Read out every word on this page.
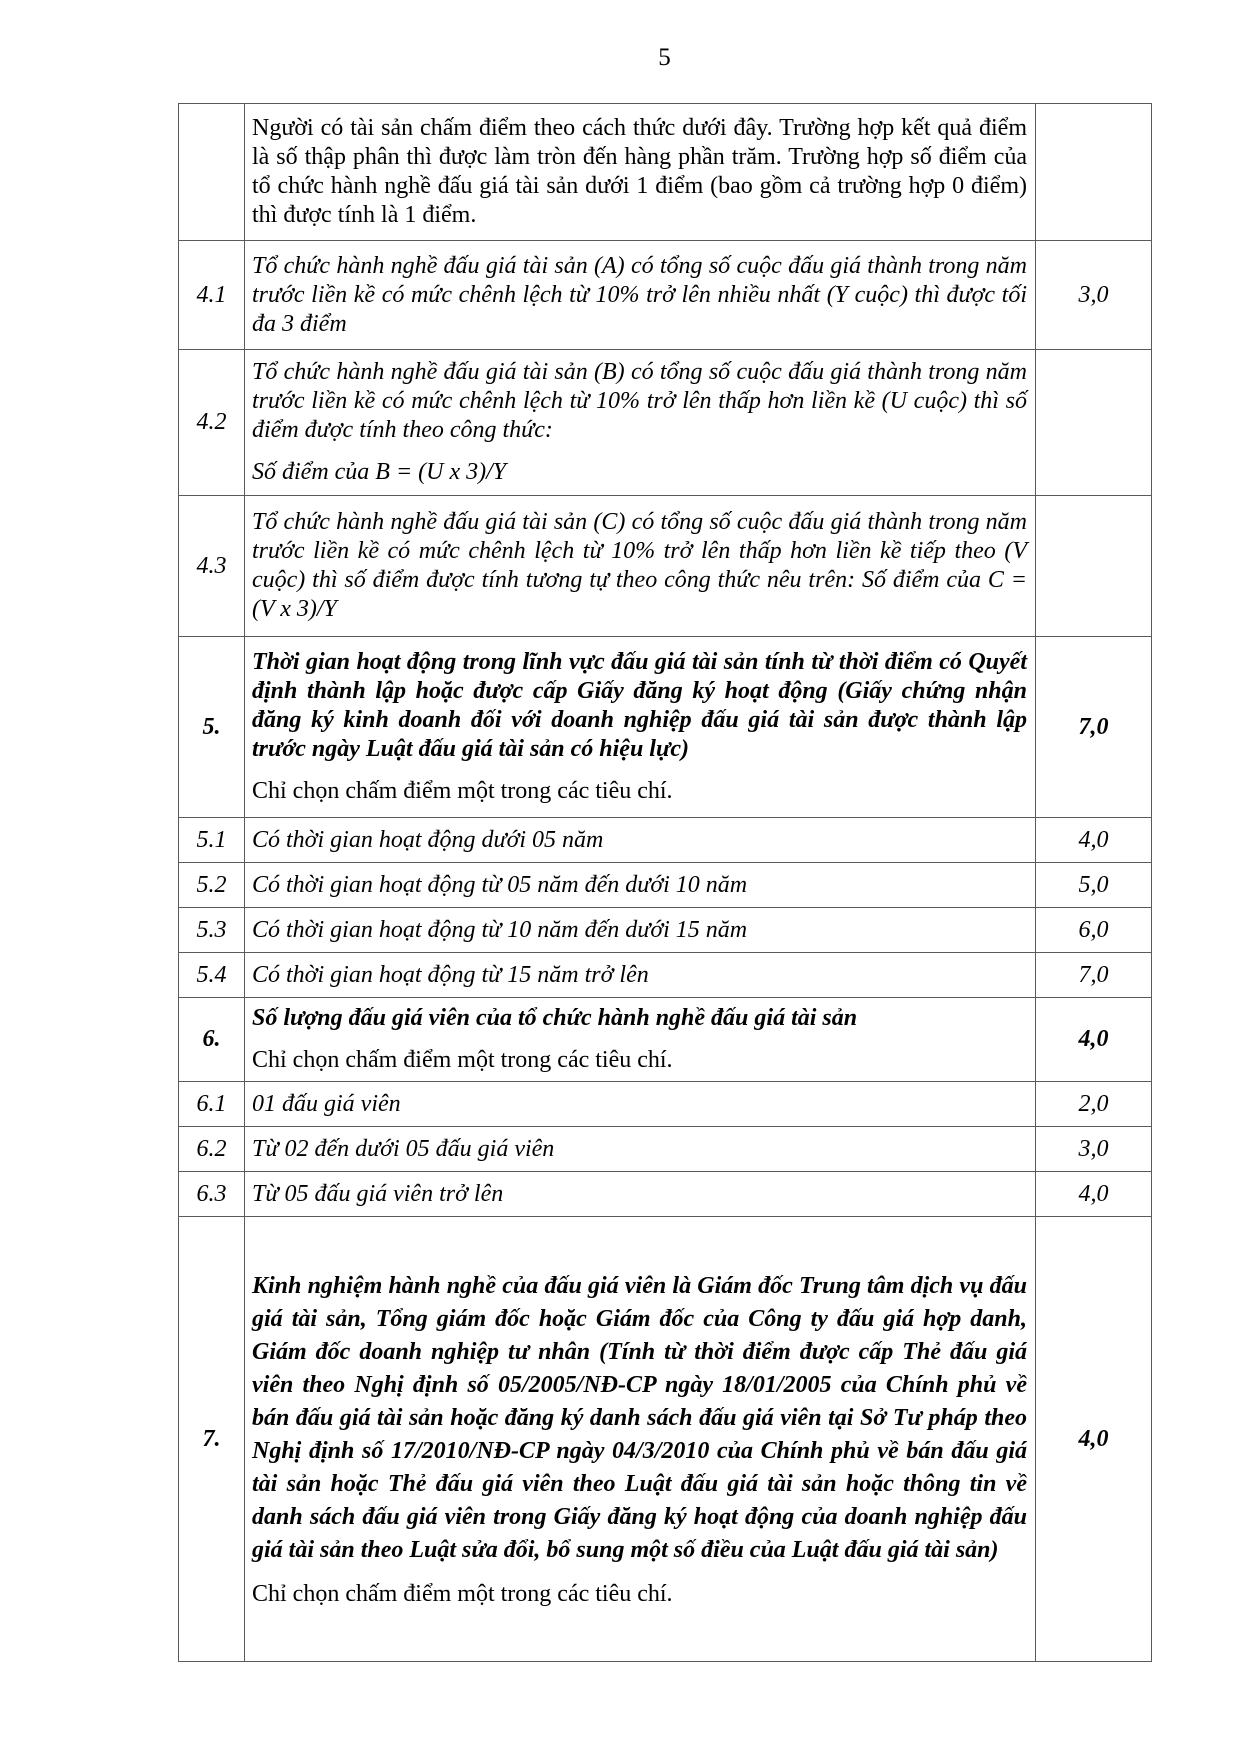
5

	Người có tài sản chấm điểm theo cách thức dưới đây. Trường hợp kết quả điểm là số thập phân thì được làm tròn đến hàng phần trăm. Trường hợp số điểm của tổ chức hành nghề đấu giá tài sản dưới 1 điểm (bao gồm cả trường hợp 0 điểm) thì được tính là 1 điểm.	

4.1	Tổ chức hành nghề đấu giá tài sản (A) có tổng số cuộc đấu giá thành trong năm trước liền kề có mức chênh lệch từ 10% trở lên nhiều nhất (Y cuộc) thì được tối đa 3 điểm	3,0
4.2	Tổ chức hành nghề đấu giá tài sản (B) có tổng số cuộc đấu giá thành trong năm trước liền kề có mức chênh lệch từ 10% trở lên thấp hơn liền kề (U cuộc) thì số điểm được tính theo công thức:

Số điểm của B = (U x 3)/Y	

4.3	Tổ chức hành nghề đấu giá tài sản (C) có tổng số cuộc đấu giá thành trong năm trước liền kề có mức chênh lệch từ 10% trở lên thấp hơn liền kề tiếp theo (V cuộc) thì số điểm được tính tương tự theo công thức nêu trên: Số điểm của C = (V x 3)/Y	

5.	Thời gian hoạt động trong lĩnh vực đấu giá tài sản tính từ thời điểm có Quyết định thành lập hoặc được cấp Giấy đăng ký hoạt động (Giấy chứng nhận đăng ký kinh doanh đối với doanh nghiệp đấu giá tài sản được thành lập trước ngày Luật đấu giá tài sản có hiệu lực)

Chỉ chọn chấm điểm một trong các tiêu chí.	7,0
5.1	Có thời gian hoạt động dưới 05 năm	4,0
5.2	Có thời gian hoạt động từ 05 năm đến dưới 10 năm	5,0
5.3	Có thời gian hoạt động từ 10 năm đến dưới 15 năm	6,0
5.4	Có thời gian hoạt động từ 15 năm trở lên	7,0
6.	Số lượng đấu giá viên của tổ chức hành nghề đấu giá tài sản

Chỉ chọn chấm điểm một trong các tiêu chí.	4,0
6.1	01 đấu giá viên	2,0
6.2	Từ 02 đến dưới 05 đấu giá viên	3,0
6.3	Từ 05 đấu giá viên trở lên	4,0
7.	Kinh nghiệm hành nghề của đấu giá viên là Giám đốc Trung tâm dịch vụ đấu giá tài sản, Tổng giám đốc hoặc Giám đốc của Công ty đấu giá hợp danh, Giám đốc doanh nghiệp tư nhân (Tính từ thời điểm được cấp Thẻ đấu giá viên theo Nghị định số 05/2005/NĐ-CP ngày 18/01/2005 của Chính phủ về bán đấu giá tài sản hoặc đăng ký danh sách đấu giá viên tại Sở Tư pháp theo Nghị định số 17/2010/NĐ-CP ngày 04/3/2010 của Chính phủ về bán đấu giá tài sản hoặc Thẻ đấu giá viên theo Luật đấu giá tài sản hoặc thông tin về danh sách đấu giá viên trong Giấy đăng ký hoạt động của doanh nghiệp đấu giá tài sản theo Luật sửa đổi, bổ sung một số điều của Luật đấu giá tài sản)

Chỉ chọn chấm điểm một trong các tiêu chí.	4,0
